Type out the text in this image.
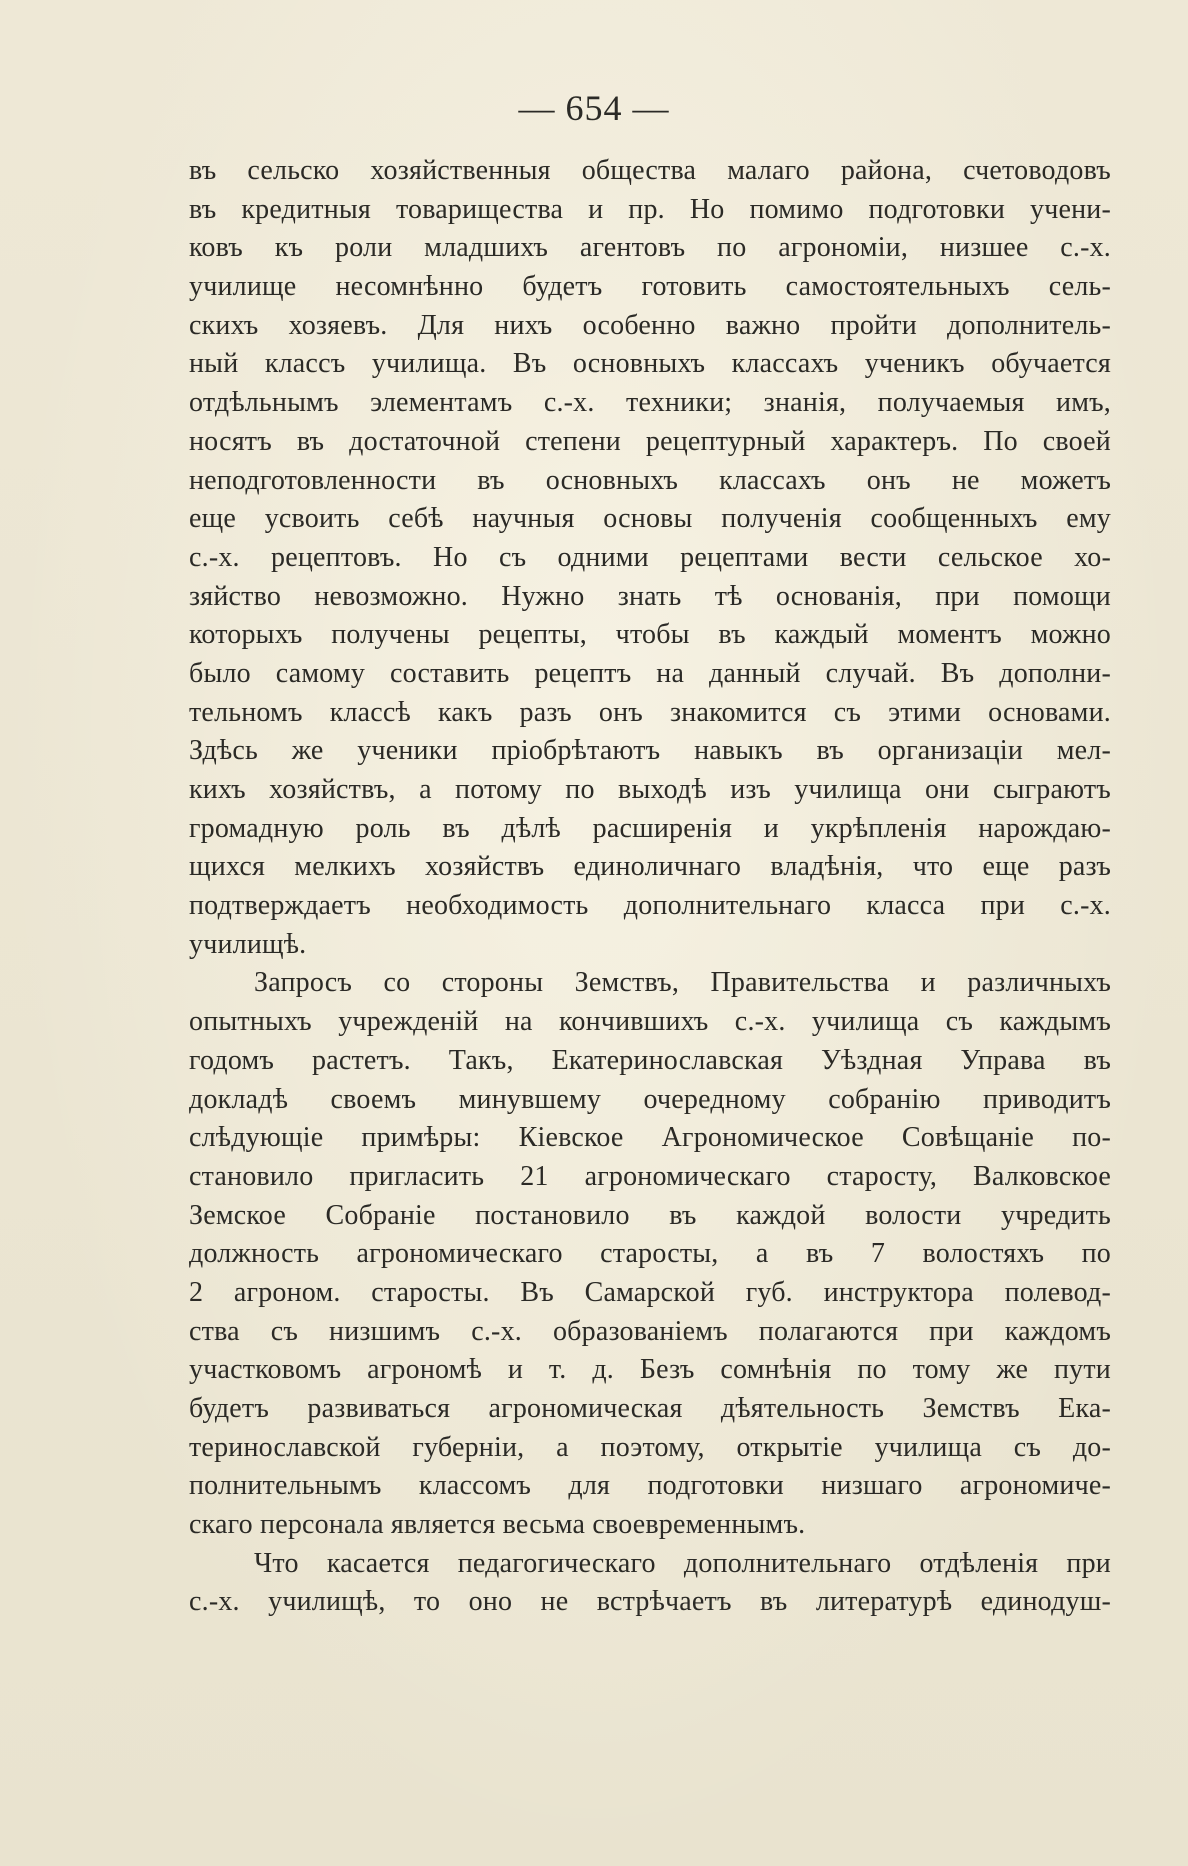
— 654 —
въ сельско хозяйственныя общества малаго района, счетоводовъ
въ кредитныя товарищества и пр. Но помимо подготовки учени-
ковъ къ роли младшихъ агентовъ по агрономіи, низшее с.-х.
училище несомнѣнно будетъ готовить самостоятельныхъ сель-
скихъ хозяевъ. Для нихъ особенно важно пройти дополнитель-
ный классъ училища. Въ основныхъ классахъ ученикъ обучается
отдѣльнымъ элементамъ с.-х. техники; знанія, получаемыя имъ,
носятъ въ достаточной степени рецептурный характеръ. По своей
неподготовленности въ основныхъ классахъ онъ не можетъ
еще усвоить себѣ научныя основы полученія сообщенныхъ ему
с.-х. рецептовъ. Но съ одними рецептами вести сельское хо-
зяйство невозможно. Нужно знать тѣ основанія, при помощи
которыхъ получены рецепты, чтобы въ каждый моментъ можно
было самому составить рецептъ на данный случай. Въ дополни-
тельномъ классѣ какъ разъ онъ знакомится съ этими основами.
Здѣсь же ученики пріобрѣтаютъ навыкъ въ организаціи мел-
кихъ хозяйствъ, а потому по выходѣ изъ училища они сыграютъ
громадную роль въ дѣлѣ расширенія и укрѣпленія нарождаю-
щихся мелкихъ хозяйствъ единоличнаго владѣнія, что еще разъ
подтверждаетъ необходимость дополнительнаго класса при с.-х.
училищѣ.
Запросъ со стороны Земствъ, Правительства и различныхъ
опытныхъ учрежденій на кончившихъ с.-х. училища съ каждымъ
годомъ растетъ. Такъ, Екатеринославская Уѣздная Управа въ
докладѣ своемъ минувшему очередному собранію приводитъ
слѣдующіе примѣры: Кіевское Агрономическое Совѣщаніе по-
становило пригласить 21 агрономическаго старосту, Валковское
Земское Собраніе постановило въ каждой волости учредить
должность агрономическаго старосты, а въ 7 волостяхъ по
2 агроном. старосты. Въ Самарской губ. инструктора полевод-
ства съ низшимъ с.-х. образованіемъ полагаются при каждомъ
участковомъ агрономѣ и т. д. Безъ сомнѣнія по тому же пути
будетъ развиваться агрономическая дѣятельность Земствъ Ека-
теринославской губерніи, а поэтому, открытіе училища съ до-
полнительнымъ классомъ для подготовки низшаго агрономиче-
скаго персонала является весьма своевременнымъ.
Что касается педагогическаго дополнительнаго отдѣленія при
с.-х. училищѣ, то оно не встрѣчаетъ въ литературѣ единодуш-
